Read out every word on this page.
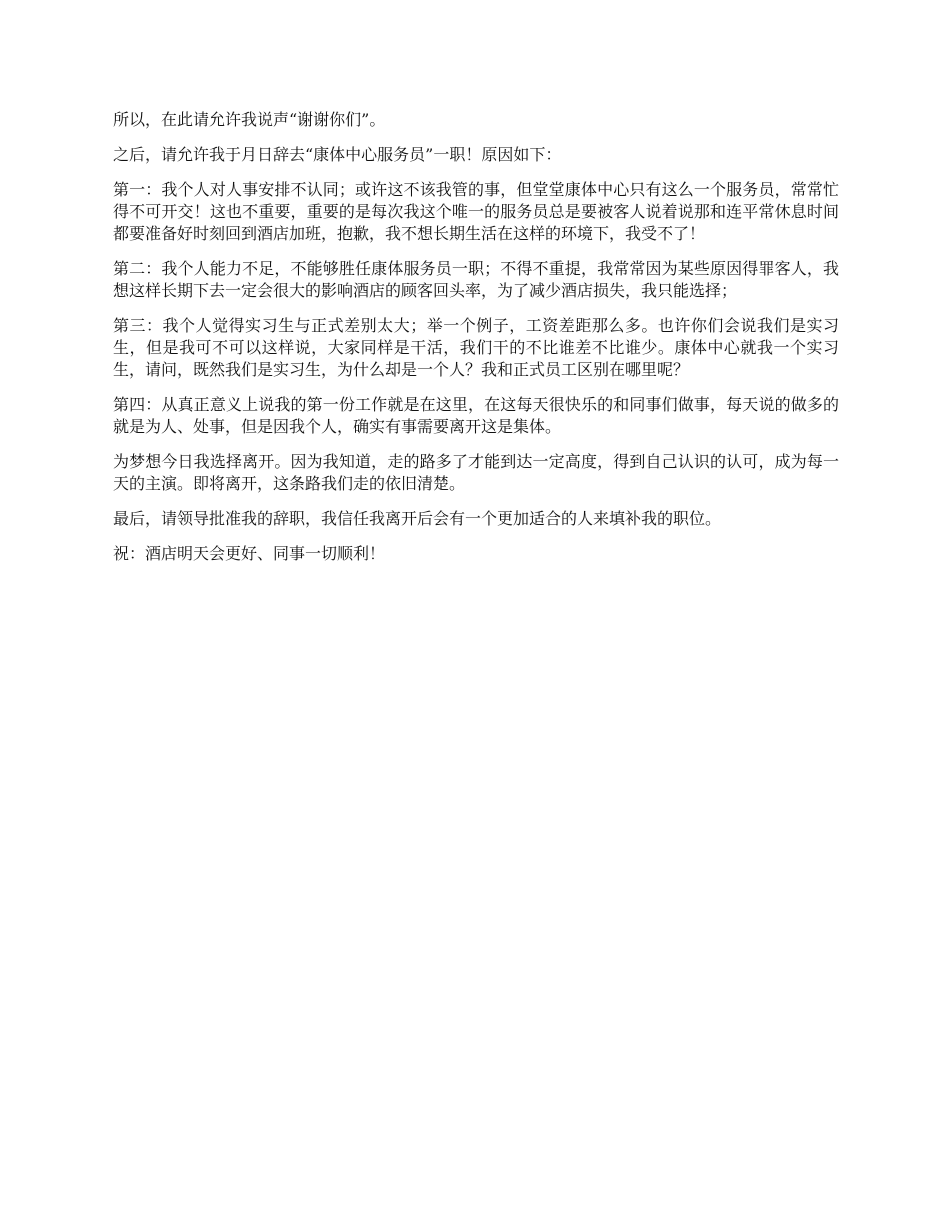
所以，在此请允许我说声“谢谢你们”。

之后，请允许我于月日辞去“康体中心服务员”一职！原因如下：

第一：我个人对人事安排不认同；或许这不该我管的事，但堂堂康体中心只有这么一个服务员，常常忙得不可开交！这也不重要，重要的是每次我这个唯一的服务员总是要被客人说着说那和连平常休息时间都要准备好时刻回到酒店加班，抱歉，我不想长期生活在这样的环境下，我受不了！

第二：我个人能力不足，不能够胜任康体服务员一职；不得不重提，我常常因为某些原因得罪客人，我想这样长期下去一定会很大的影响酒店的顾客回头率，为了减少酒店损失，我只能选择；

第三：我个人觉得实习生与正式差别太大；举一个例子，工资差距那么多。也许你们会说我们是实习生，但是我可不可以这样说，大家同样是干活，我们干的不比谁差不比谁少。康体中心就我一个实习生，请问，既然我们是实习生，为什么却是一个人？我和正式员工区别在哪里呢？

第四：从真正意义上说我的第一份工作就是在这里，在这每天很快乐的和同事们做事，每天说的做多的就是为人、处事，但是因我个人，确实有事需要离开这是集体。

为梦想今日我选择离开。因为我知道，走的路多了才能到达一定高度，得到自己认识的认可，成为每一天的主演。即将离开，这条路我们走的依旧清楚。

最后，请领导批准我的辞职，我信任我离开后会有一个更加适合的人来填补我的职位。

祝：酒店明天会更好、同事一切顺利！
